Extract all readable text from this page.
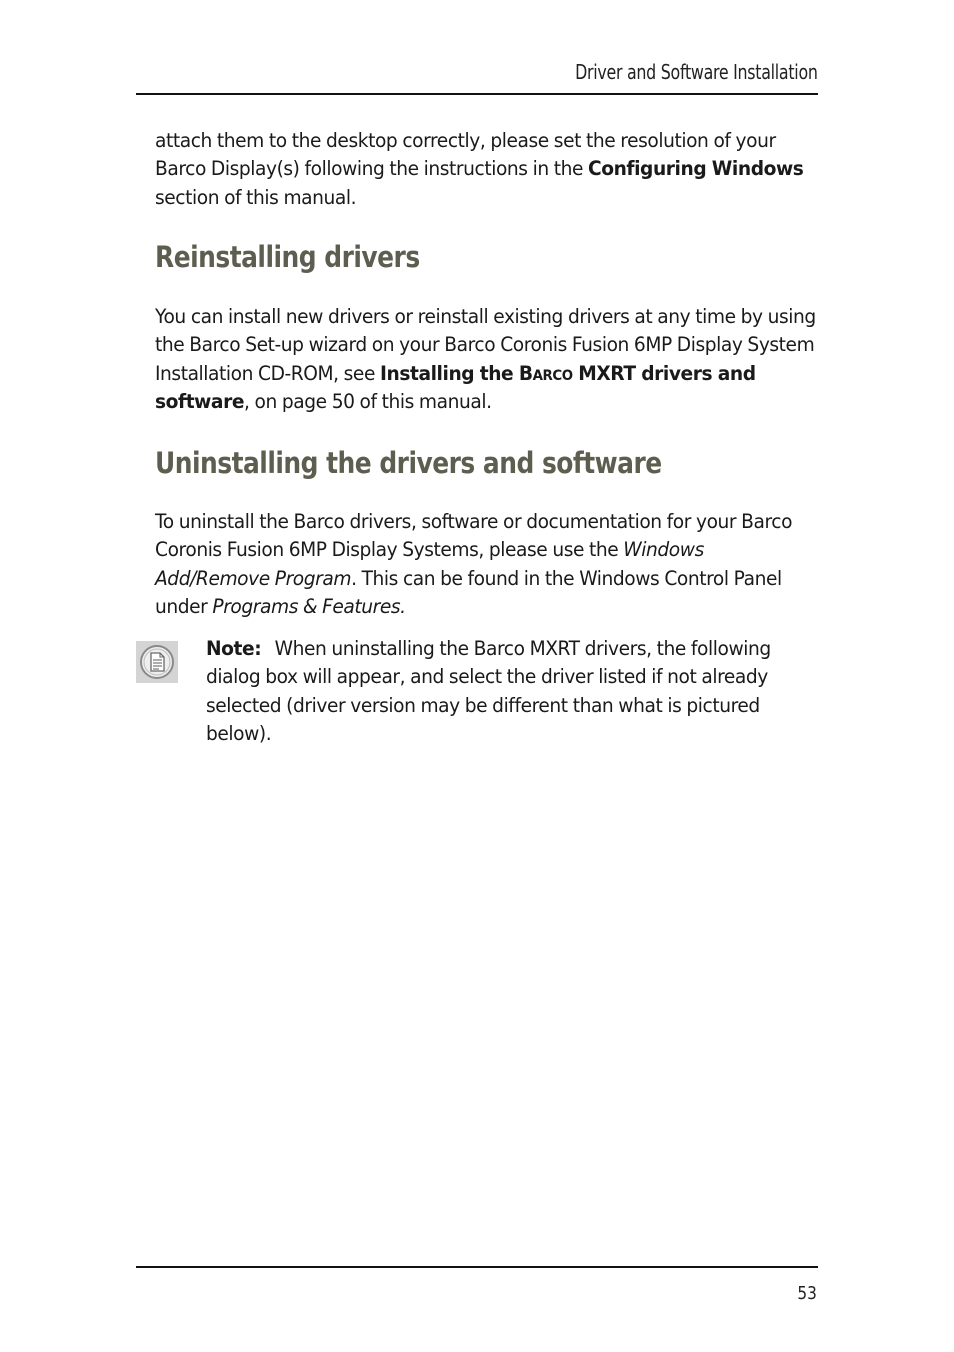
Driver and Software Installation

attach them to the desktop correctly, please set the resolution of your Barco Display(s) following the instructions in the Configuring Windows section of this manual.

Reinstalling drivers

You can install new drivers or reinstall existing drivers at any time by using the Barco Set-up wizard on your Barco Coronis Fusion 6MP Display System Installation CD-ROM, see Installing the Barco MXRT drivers and software, on page 50 of this manual.

Uninstalling the drivers and software

To uninstall the Barco drivers, software or documentation for your Barco Coronis Fusion 6MP Display Systems, please use the Windows Add/Remove Program. This can be found in the Windows Control Panel under Programs & Features.

Note: When uninstalling the Barco MXRT drivers, the following dialog box will appear, and select the driver listed if not already selected (driver version may be different than what is pictured below).

53
